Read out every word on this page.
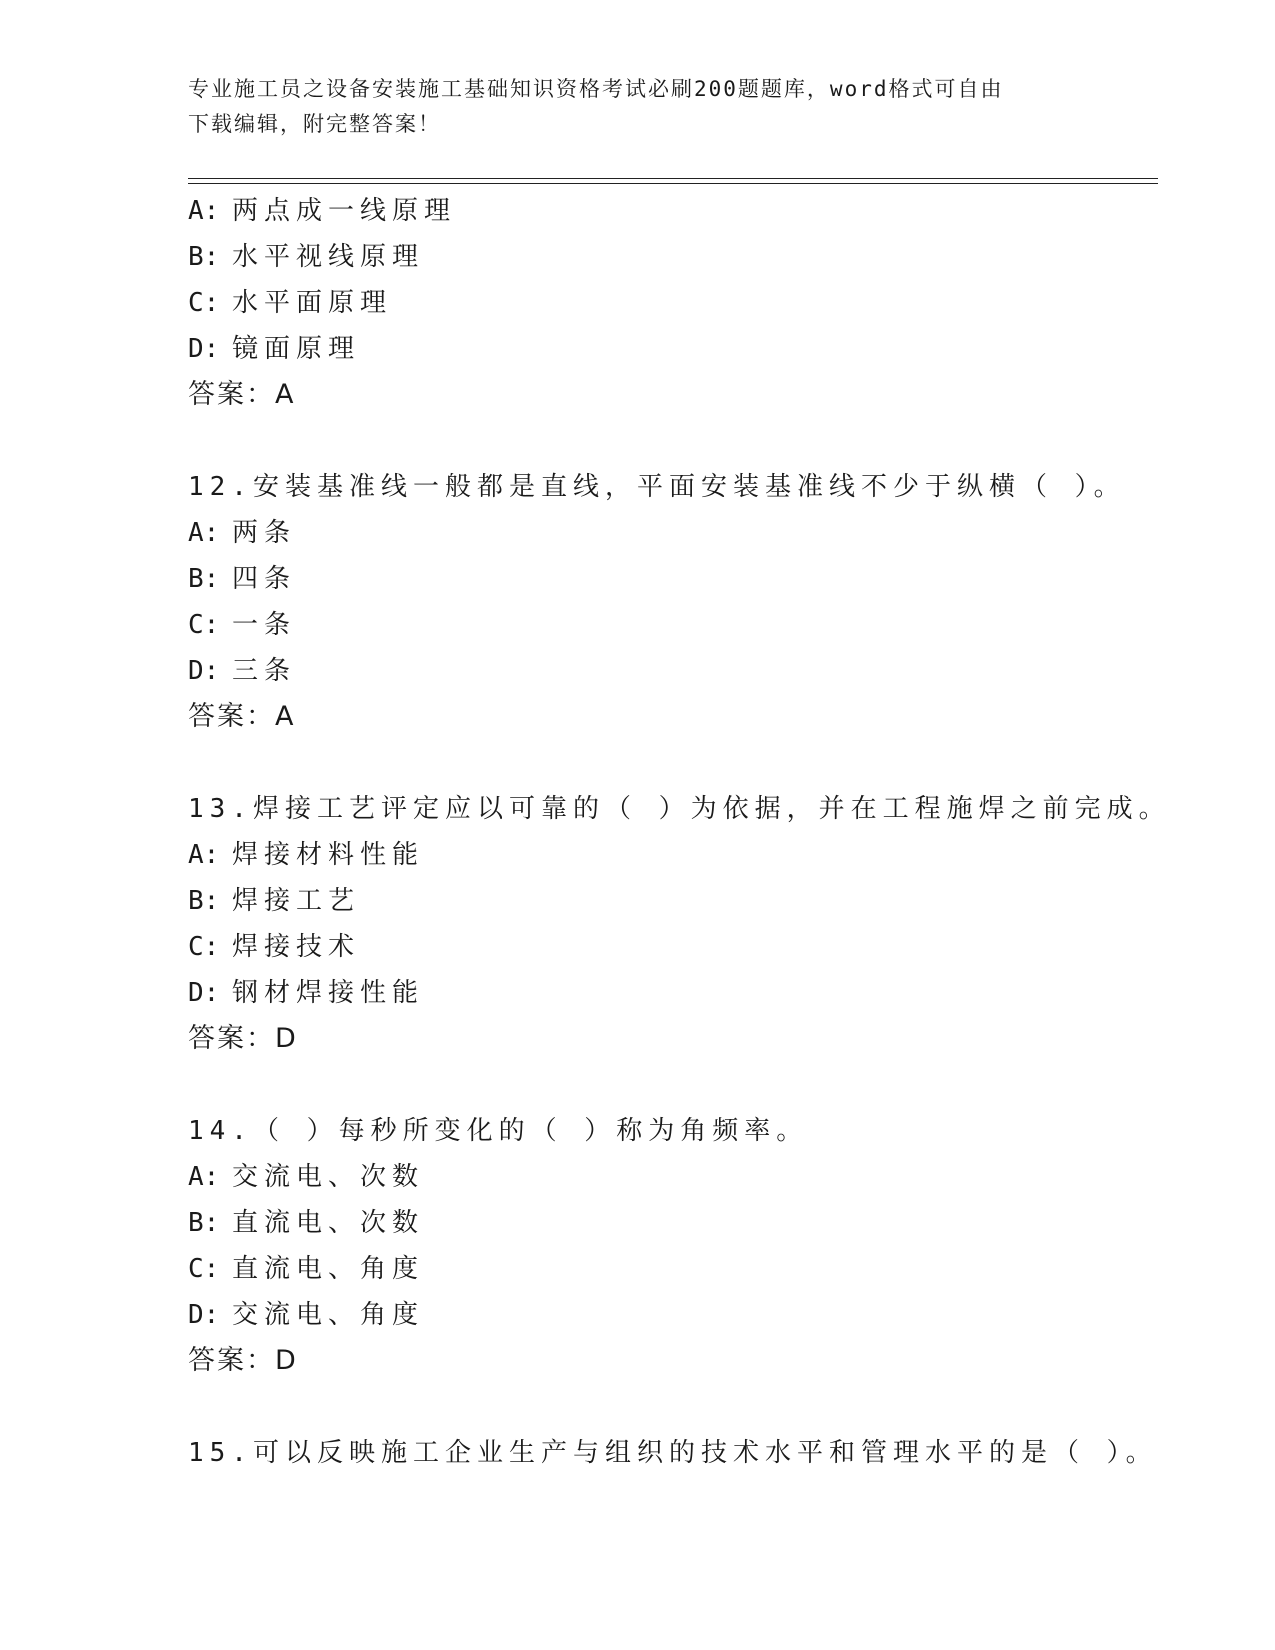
专业施工员之设备安装施工基础知识资格考试必刷200题题库，word格式可自由
下载编辑，附完整答案！
A: 两点成一线原理
B: 水平视线原理
C: 水平面原理
D: 镜面原理
答案：A
12.安装基准线一般都是直线，平面安装基准线不少于纵横（ ）。
A: 两条
B: 四条
C: 一条
D: 三条
答案：A
13.焊接工艺评定应以可靠的（ ）为依据，并在工程施焊之前完成。
A: 焊接材料性能
B: 焊接工艺
C: 焊接技术
D: 钢材焊接性能
答案：D
14.（ ）每秒所变化的（ ）称为角频率。
A: 交流电、次数
B: 直流电、次数
C: 直流电、角度
D: 交流电、角度
答案：D
15.可以反映施工企业生产与组织的技术水平和管理水平的是（ ）。
